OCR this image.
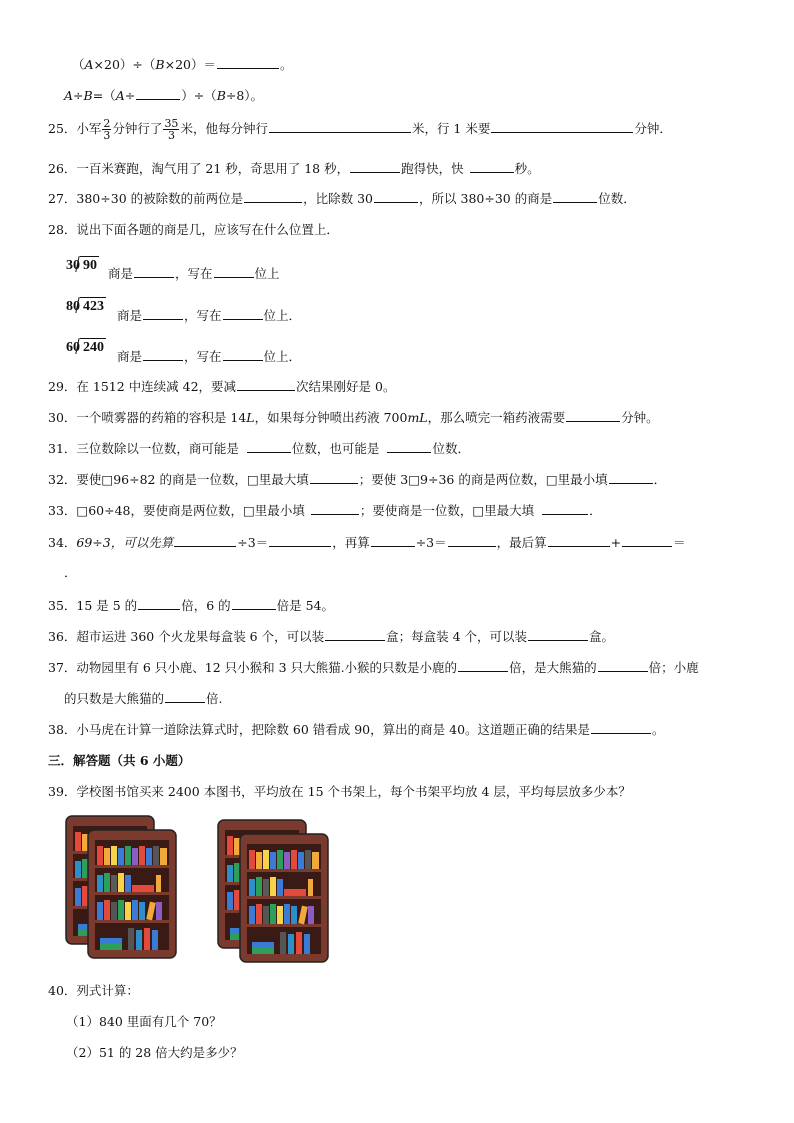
（A×20）÷（B×20）＝	。
A÷B=（A÷	）÷（B÷8）。
25．小军 $\frac{2}{3}$ 分钟行了 $\frac{35}{3}$ 米，他每分钟行	米，行 1 米要	分钟．
26．一百米赛跑，淘气用了 21 秒，奇思用了 18 秒，	跑得快，快	秒。
27．380÷30 的被除数的前两位是	，比除数 30	，所以 380÷30 的商是	位数．
28．说出下面各题的商是几，应该写在什么位置上．
30 90
商是	，写在	位上
80 423
商是	，写在	位上．
60 240
商是	，写在	位上．
29．在 1512 中连续减 42，要减	次结果刚好是 0。
30．一个喷雾器的药箱的容积是 14L，如果每分钟喷出药液 700mL，那么喷完一箱药液需要	分钟。
31．三位数除以一位数，商可能是	位数，也可能是	位数．
32．要使□96÷82 的商是一位数，□里最大填	；要使 3□9÷36 的商是两位数，□里最小填	．
33．□60÷48，要使商是两位数，□里最小填	；要使商是一位数，□里最大填	．
34．69÷3，可以先算	÷3＝	，再算	÷3＝	，最后算	+	＝
．
35．15 是 5 的	倍，6 的	倍是 54。
36．超市运进 360 个火龙果每盒装 6 个，可以装	盒；每盒装 4 个，可以装	盒。
37．动物园里有 6 只小鹿、12 只小猴和 3 只大熊猫.小猴的只数是小鹿的	倍，是大熊猫的	倍；小鹿
的只数是大熊猫的	倍.
38．小马虎在计算一道除法算式时，把除数 60 错看成 90，算出的商是 40。这道题正确的结果是	。
三．解答题（共 6 小题）
39．学校图书馆买来 2400 本图书，平均放在 15 个书架上，每个书架平均放 4 层，平均每层放多少本？
40．列式计算：
（1）840 里面有几个 70？
（2）51 的 28 倍大约是多少？
